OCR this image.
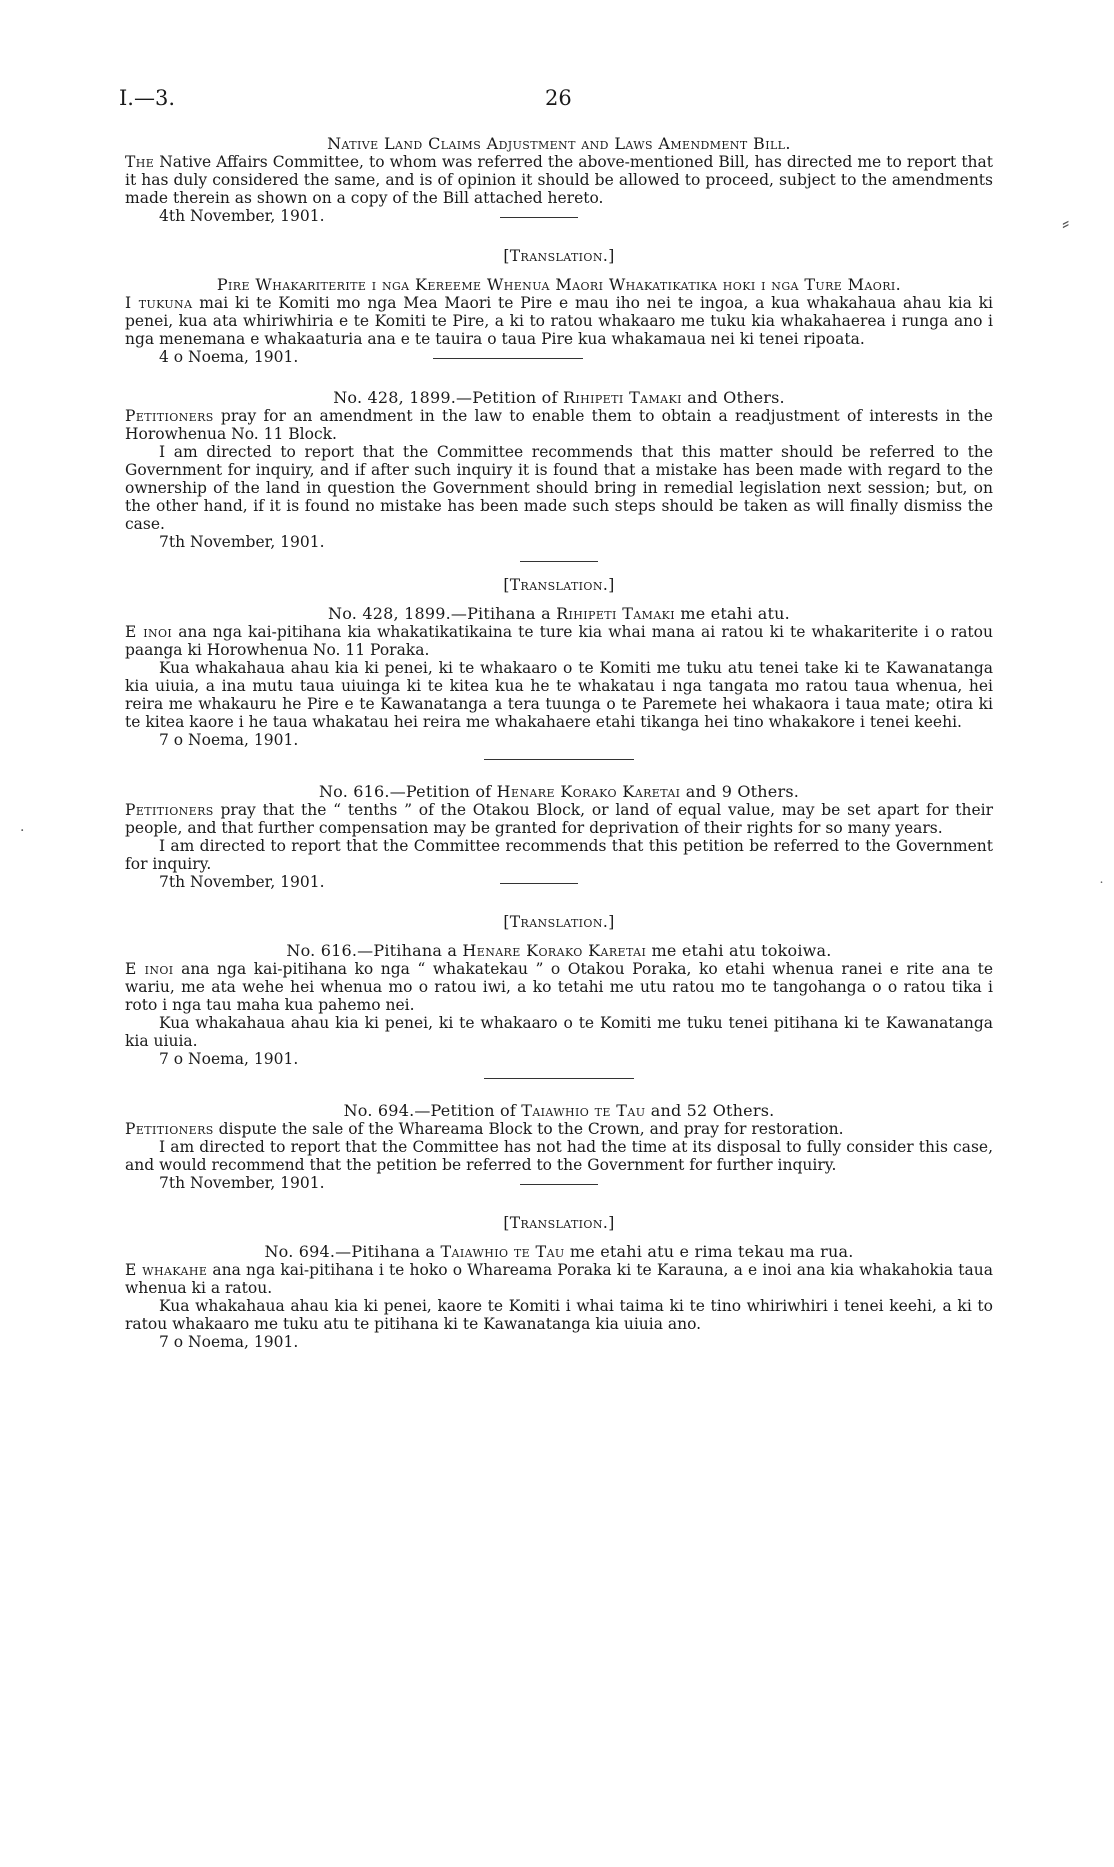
I.—3.	26
⸗
˙
·
Native Land Claims Adjustment and Laws Amendment Bill.

The Native Affairs Committee, to whom was referred the above-mentioned Bill, has directed me to report that it has duly considered the same, and is of opinion it should be allowed to proceed, subject to the amendments made therein as shown on a copy of the Bill attached hereto.

4th November, 1901.

[Translation.]
Pire Whakariterite i nga Kereeme Whenua Maori Whakatikatika hoki i nga Ture Maori.

I tukuna mai ki te Komiti mo nga Mea Maori te Pire e mau iho nei te ingoa, a kua whakahaua ahau kia ki penei, kua ata whiriwhiria e te Komiti te Pire, a ki to ratou whakaaro me tuku kia whakahaerea i runga ano i nga menemana e whakaaturia ana e te tauira o taua Pire kua whakamaua nei ki tenei ripoata.

4 o Noema, 1901.

No. 428, 1899.—Petition of Rihipeti Tamaki and Others.

Petitioners pray for an amendment in the law to enable them to obtain a readjustment of interests in the Horowhenua No. 11 Block.

I am directed to report that the Committee recommends that this matter should be referred to the Government for inquiry, and if after such inquiry it is found that a mistake has been made with regard to the ownership of the land in question the Government should bring in remedial legislation next session; but, on the other hand, if it is found no mistake has been made such steps should be taken as will finally dismiss the case.

7th November, 1901.

[Translation.]
No. 428, 1899.—Pitihana a Rihipeti Tamaki me etahi atu.

E inoi ana nga kai-pitihana kia whakatikatikaina te ture kia whai mana ai ratou ki te whakariterite i o ratou paanga ki Horowhenua No. 11 Poraka.

Kua whakahaua ahau kia ki penei, ki te whakaaro o te Komiti me tuku atu tenei take ki te Kawanatanga kia uiuia, a ina mutu taua uiuinga ki te kitea kua he te whakatau i nga tangata mo ratou taua whenua, hei reira me whakauru he Pire e te Kawanatanga a tera tuunga o te Paremete hei whakaora i taua mate; otira ki te kitea kaore i he taua whakatau hei reira me whakahaere etahi tikanga hei tino whakakore i tenei keehi.

7 o Noema, 1901.

No. 616.—Petition of Henare Korako Karetai and 9 Others.

Petitioners pray that the “ tenths ” of the Otakou Block, or land of equal value, may be set apart for their people, and that further compensation may be granted for deprivation of their rights for so many years.

I am directed to report that the Committee recommends that this petition be referred to the Government for inquiry.

7th November, 1901.

[Translation.]
No. 616.—Pitihana a Henare Korako Karetai me etahi atu tokoiwa.

E inoi ana nga kai-pitihana ko nga “ whakatekau ” o Otakou Poraka, ko etahi whenua ranei e rite ana te wariu, me ata wehe hei whenua mo o ratou iwi, a ko tetahi me utu ratou mo te tangohanga o o ratou tika i roto i nga tau maha kua pahemo nei.

Kua whakahaua ahau kia ki penei, ki te whakaaro o te Komiti me tuku tenei pitihana ki te Kawanatanga kia uiuia.

7 o Noema, 1901.

No. 694.—Petition of Taiawhio te Tau and 52 Others.

Petitioners dispute the sale of the Whareama Block to the Crown, and pray for restoration.

I am directed to report that the Committee has not had the time at its disposal to fully consider this case, and would recommend that the petition be referred to the Government for further inquiry.

7th November, 1901.

[Translation.]
No. 694.—Pitihana a Taiawhio te Tau me etahi atu e rima tekau ma rua.

E whakahe ana nga kai-pitihana i te hoko o Whareama Poraka ki te Karauna, a e inoi ana kia whakahokia taua whenua ki a ratou.

Kua whakahaua ahau kia ki penei, kaore te Komiti i whai taima ki te tino whiriwhiri i tenei keehi, a ki to ratou whakaaro me tuku atu te pitihana ki te Kawanatanga kia uiuia ano.

7 o Noema, 1901.
